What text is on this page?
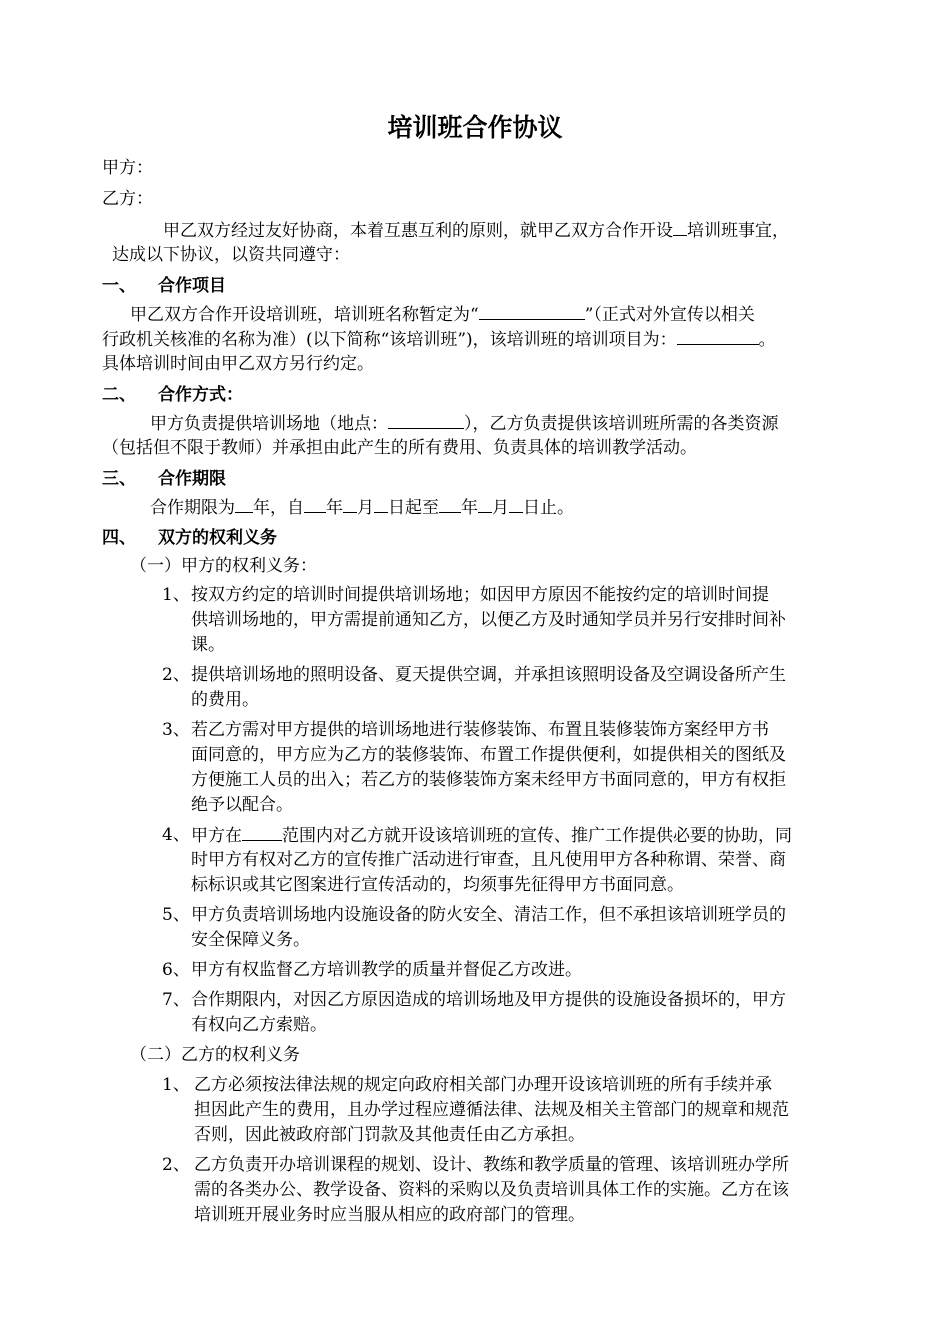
培训班合作协议
甲方：
乙方：
甲乙双方经过友好协商，本着互惠互利的原则，就甲乙双方合作开设 培训班事宜，
达成以下协议，以资共同遵守：
一、 合作项目
甲乙双方合作开设培训班，培训班名称暂定为“	”（正式对外宣传以相关
行政机关核准的名称为准）(以下简称“该培训班”)，该培训班的培训项目为：	。
具体培训时间由甲乙双方另行约定。
二、 合作方式：
甲方负责提供培训场地（地点：	），乙方负责提供该培训班所需的各类资源
（包括但不限于教师）并承担由此产生的所有费用、负责具体的培训教学活动。
三、 合作期限
合作期限为 年，自 年 月 日起至 年 月 日止。
四、 双方的权利义务
（一）甲方的权利义务：
1、 按双方约定的培训时间提供培训场地；如因甲方原因不能按约定的培训时间提
供培训场地的，甲方需提前通知乙方，以便乙方及时通知学员并另行安排时间补
课。
2、 提供培训场地的照明设备、夏天提供空调，并承担该照明设备及空调设备所产生
的费用。
3、 若乙方需对甲方提供的培训场地进行装修装饰、布置且装修装饰方案经甲方书
面同意的，甲方应为乙方的装修装饰、布置工作提供便利，如提供相关的图纸及
方便施工人员的出入；若乙方的装修装饰方案未经甲方书面同意的，甲方有权拒
绝予以配合。
4、 甲方在 范围内对乙方就开设该培训班的宣传、推广工作提供必要的协助，同
时甲方有权对乙方的宣传推广活动进行审查，且凡使用甲方各种称谓、荣誉、商
标标识或其它图案进行宣传活动的，均须事先征得甲方书面同意。
5、 甲方负责培训场地内设施设备的防火安全、清洁工作，但不承担该培训班学员的
安全保障义务。
6、 甲方有权监督乙方培训教学的质量并督促乙方改进。
7、 合作期限内，对因乙方原因造成的培训场地及甲方提供的设施设备损坏的，甲方
有权向乙方索赔。
（二）乙方的权利义务
1、 乙方必须按法律法规的规定向政府相关部门办理开设该培训班的所有手续并承
担因此产生的费用，且办学过程应遵循法律、法规及相关主管部门的规章和规范
否则，因此被政府部门罚款及其他责任由乙方承担。
2、 乙方负责开办培训课程的规划、设计、教练和教学质量的管理、该培训班办学所
需的各类办公、教学设备、资料的采购以及负责培训具体工作的实施。乙方在该
培训班开展业务时应当服从相应的政府部门的管理。
